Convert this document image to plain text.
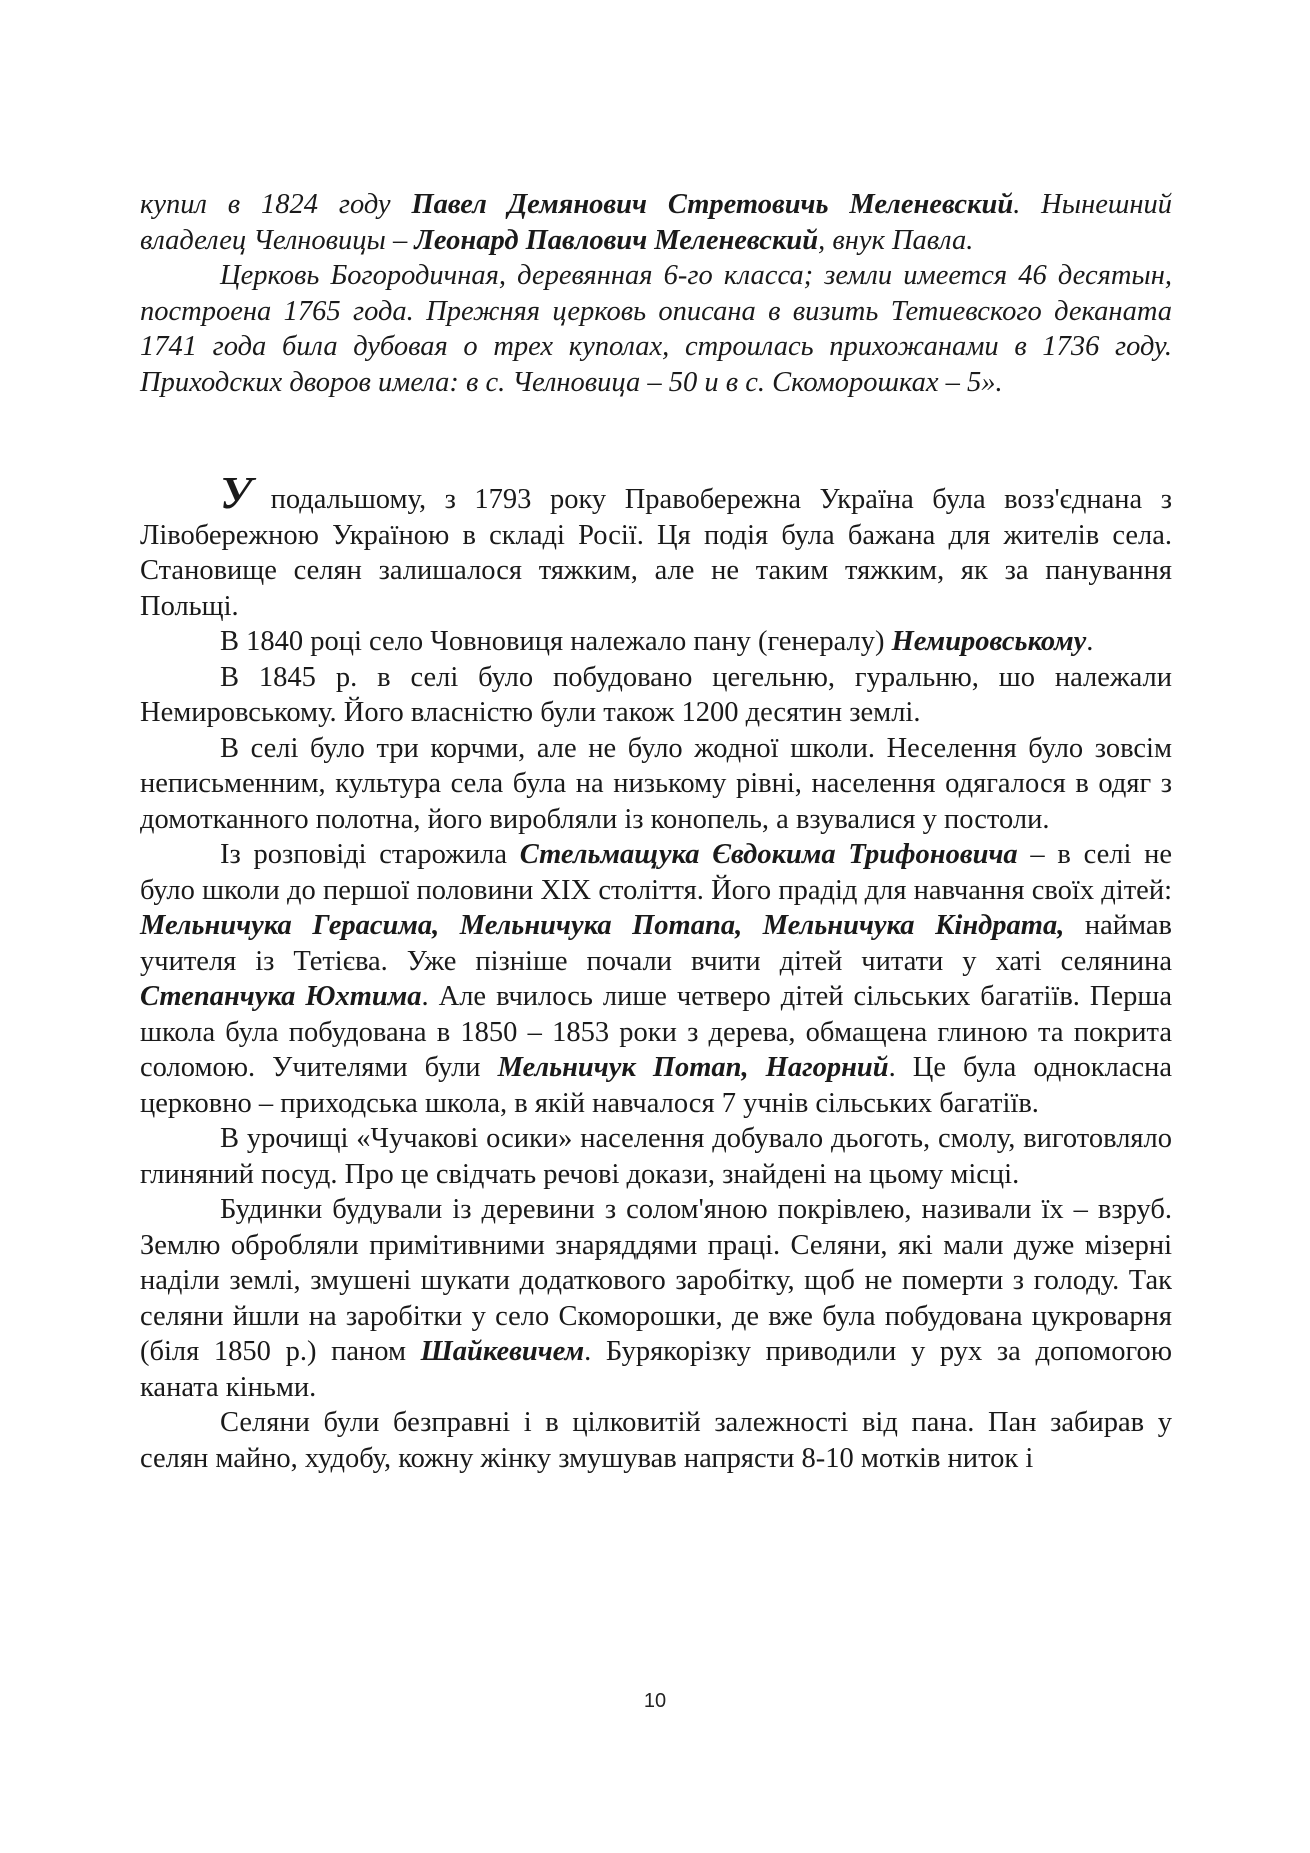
купил в 1824 году Павел Демянович Стретовичь Меленевский. Нынешний владелец Челновицы – Леонард Павлович Меленевский, внук Павла.

Церковь Богородичная, деревянная 6-го класса; земли имеется 46 десятын, построена 1765 года. Прежняя церковь описана в визить Тетиевского деканата 1741 года била дубовая о трех куполах, строилась прихожанами в 1736 году. Приходских дворов имела: в с. Челновица – 50 и в с. Скоморошках – 5».

У подальшому, з 1793 року Правобережна Україна була возз'єднана з Лівобережною Україною в складі Росії. Ця подія була бажана для жителів села. Становище селян залишалося тяжким, але не таким тяжким, як за панування Польщі.

В 1840 році село Човновиця належало пану (генералу) Немировському.

В 1845 р. в селі було побудовано цегельню, гуральню, шо належали Немировському. Його власністю були також 1200 десятин землі.

В селі було три корчми, але не було жодної школи. Неселення було зовсім неписьменним, культура села була на низькому рівні, населення одягалося в одяг з домотканного полотна, його виробляли із конопель, а взувалися у постоли.

Із розповіді старожила Стельмащука Євдокима Трифоновича – в селі не було школи до першої половини XIX століття. Його прадід для навчання своїх дітей: Мельничука Герасима, Мельничука Потапа, Мельничука Кіндрата, наймав учителя із Тетієва. Уже пізніше почали вчити дітей читати у хаті селянина Степанчука Юхтима. Але вчилось лише четверо дітей сільських багатіїв. Перша школа була побудована в 1850 – 1853 роки з дерева, обмащена глиною та покрита соломою. Учителями були Мельничук Потап, Нагорний. Це була однокласна церковно – приходська школа, в якій навчалося 7 учнів сільських багатіїв.

В урочищі «Чучакові осики» населення добувало дьоготь, смолу, виготовляло глиняний посуд. Про це свідчать речові докази, знайдені на цьому місці.

Будинки будували із деревини з солом'яною покрівлею, називали їх – взруб. Землю обробляли примітивними знаряддями праці. Селяни, які мали дуже мізерні наділи землі, змушені шукати додаткового заробітку, щоб не померти з голоду. Так селяни йшли на заробітки у село Скоморошки, де вже була побудована цукроварня (біля 1850 р.) паном Шайкевичем. Бурякорізку приводили у рух за допомогою каната кіньми.

Селяни були безправні і в цілковитій залежності від пана. Пан забирав у селян майно, худобу, кожну жінку змушував напрясти 8-10 мотків ниток і

10
